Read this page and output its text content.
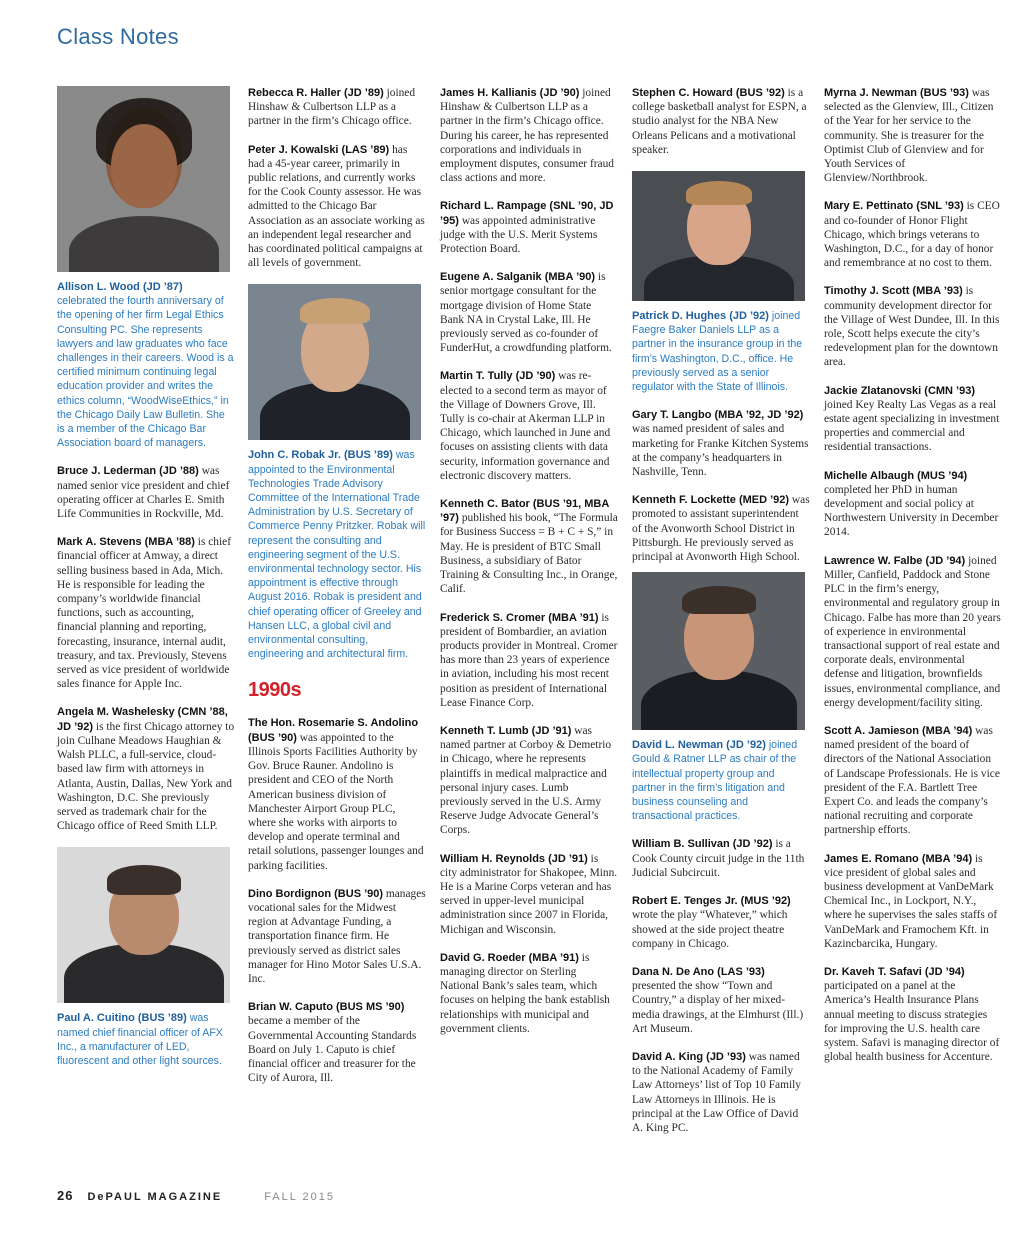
Class Notes

Allison L. Wood (JD ’87) celebrated the fourth anniversary of the opening of her firm Legal Ethics Consulting PC. She represents lawyers and law graduates who face challenges in their careers. Wood is a certified minimum continuing legal education provider and writes the ethics column, “WoodWiseEthics,” in the Chicago Daily Law Bulletin. She is a member of the Chicago Bar Association board of managers.

Bruce J. Lederman (JD ’88) was named senior vice president and chief operating officer at Charles E. Smith Life Communities in Rockville, Md.

Mark A. Stevens (MBA ’88) is chief financial officer at Amway, a direct selling business based in Ada, Mich. He is responsible for leading the company’s worldwide financial functions, such as accounting, financial planning and reporting, forecasting, insurance, internal audit, treasury, and tax. Previously, Stevens served as vice president of worldwide sales finance for Apple Inc.

Angela M. Washelesky (CMN ’88, JD ’92) is the first Chicago attorney to join Culhane Meadows Haughian & Walsh PLLC, a full-service, cloud-based law firm with attorneys in Atlanta, Austin, Dallas, New York and Washington, D.C. She previously served as trademark chair for the Chicago office of Reed Smith LLP.

Paul A. Cuitino (BUS ’89) was named chief financial officer of AFX Inc., a manufacturer of LED, fluorescent and other light sources.

Rebecca R. Haller (JD ’89) joined Hinshaw & Culbertson LLP as a partner in the firm’s Chicago office.

Peter J. Kowalski (LAS ’89) has had a 45-year career, primarily in public relations, and currently works for the Cook County assessor. He was admitted to the Chicago Bar Association as an associate working as an independent legal researcher and has coordinated political campaigns at all levels of government.

John C. Robak Jr. (BUS ’89) was appointed to the Environmental Technologies Trade Advisory Committee of the International Trade Administration by U.S. Secretary of Commerce Penny Pritzker. Robak will represent the consulting and engineering segment of the U.S. environmental technology sector. His appointment is effective through August 2016. Robak is president and chief operating officer of Greeley and Hansen LLC, a global civil and environmental consulting, engineering and architectural firm.

1990s

The Hon. Rosemarie S. Andolino (BUS ’90) was appointed to the Illinois Sports Facilities Authority by Gov. Bruce Rauner. Andolino is president and CEO of the North American business division of Manchester Airport Group PLC, where she works with airports to develop and operate terminal and retail solutions, passenger lounges and parking facilities.

Dino Bordignon (BUS ’90) manages vocational sales for the Midwest region at Advantage Funding, a transportation finance firm. He previously served as district sales manager for Hino Motor Sales U.S.A. Inc.

Brian W. Caputo (BUS MS ’90) became a member of the Governmental Accounting Standards Board on July 1. Caputo is chief financial officer and treasurer for the City of Aurora, Ill.

James H. Kallianis (JD ’90) joined Hinshaw & Culbertson LLP as a partner in the firm’s Chicago office. During his career, he has represented corporations and individuals in employment disputes, consumer fraud class actions and more.

Richard L. Rampage (SNL ’90, JD ’95) was appointed administrative judge with the U.S. Merit Systems Protection Board.

Eugene A. Salganik (MBA ’90) is senior mortgage consultant for the mortgage division of Home State Bank NA in Crystal Lake, Ill. He previously served as co-founder of FunderHut, a crowdfunding platform.

Martin T. Tully (JD ’90) was re-elected to a second term as mayor of the Village of Downers Grove, Ill. Tully is co-chair at Akerman LLP in Chicago, which launched in June and focuses on assisting clients with data security, information governance and electronic discovery matters.

Kenneth C. Bator (BUS ’91, MBA ’97) published his book, “The Formula for Business Success = B + C + S,” in May. He is president of BTC Small Business, a subsidiary of Bator Training & Consulting Inc., in Orange, Calif.

Frederick S. Cromer (MBA ’91) is president of Bombardier, an aviation products provider in Montreal. Cromer has more than 23 years of experience in aviation, including his most recent position as president of International Lease Finance Corp.

Kenneth T. Lumb (JD ’91) was named partner at Corboy & Demetrio in Chicago, where he represents plaintiffs in medical malpractice and personal injury cases. Lumb previously served in the U.S. Army Reserve Judge Advocate General’s Corps.

William H. Reynolds (JD ’91) is city administrator for Shakopee, Minn. He is a Marine Corps veteran and has served in upper-level municipal administration since 2007 in Florida, Michigan and Wisconsin.

David G. Roeder (MBA ’91) is managing director on Sterling National Bank’s sales team, which focuses on helping the bank establish relationships with municipal and government clients.

Stephen C. Howard (BUS ’92) is a college basketball analyst for ESPN, a studio analyst for the NBA New Orleans Pelicans and a motivational speaker.

Patrick D. Hughes (JD ’92) joined Faegre Baker Daniels LLP as a partner in the insurance group in the firm’s Washington, D.C., office. He previously served as a senior regulator with the State of Illinois.

Gary T. Langbo (MBA ’92, JD ’92) was named president of sales and marketing for Franke Kitchen Systems at the company’s headquarters in Nashville, Tenn.

Kenneth F. Lockette (MED ’92) was promoted to assistant superintendent of the Avonworth School District in Pittsburgh. He previously served as principal at Avonworth High School.

David L. Newman (JD ’92) joined Gould & Ratner LLP as chair of the intellectual property group and partner in the firm’s litigation and business counseling and transactional practices.

William B. Sullivan (JD ’92) is a Cook County circuit judge in the 11th Judicial Subcircuit.

Robert E. Tenges Jr. (MUS ’92) wrote the play “Whatever,” which showed at the side project theatre company in Chicago.

Dana N. De Ano (LAS ’93) presented the show “Town and Country,” a display of her mixed-media drawings, at the Elmhurst (Ill.) Art Museum.

David A. King (JD ’93) was named to the National Academy of Family Law Attorneys’ list of Top 10 Family Law Attorneys in Illinois. He is principal at the Law Office of David A. King PC.

Myrna J. Newman (BUS ’93) was selected as the Glenview, Ill., Citizen of the Year for her service to the community. She is treasurer for the Optimist Club of Glenview and for Youth Services of Glenview/Northbrook.

Mary E. Pettinato (SNL ’93) is CEO and co-founder of Honor Flight Chicago, which brings veterans to Washington, D.C., for a day of honor and remembrance at no cost to them.

Timothy J. Scott (MBA ’93) is community development director for the Village of West Dundee, Ill. In this role, Scott helps execute the city’s redevelopment plan for the downtown area.

Jackie Zlatanovski (CMN ’93) joined Key Realty Las Vegas as a real estate agent specializing in investment properties and commercial and residential transactions.

Michelle Albaugh (MUS ’94) completed her PhD in human development and social policy at Northwestern University in December 2014.

Lawrence W. Falbe (JD ’94) joined Miller, Canfield, Paddock and Stone PLC in the firm’s energy, environmental and regulatory group in Chicago. Falbe has more than 20 years of experience in environmental transactional support of real estate and corporate deals, environmental defense and litigation, brownfields issues, environmental compliance, and energy development/facility siting.

Scott A. Jamieson (MBA ’94) was named president of the board of directors of the National Association of Landscape Professionals. He is vice president of the F.A. Bartlett Tree Expert Co. and leads the company’s national recruiting and corporate partnership efforts.

James E. Romano (MBA ’94) is vice president of global sales and business development at VanDeMark Chemical Inc., in Lockport, N.Y., where he supervises the sales staffs of VanDeMark and Framochem Kft. in Kazincbarcika, Hungary.

Dr. Kaveh T. Safavi (JD ’94) participated on a panel at the America’s Health Insurance Plans annual meeting to discuss strategies for improving the U.S. health care system. Safavi is managing director of global health business for Accenture.

26 DePAUL MAGAZINE	FALL 2015
